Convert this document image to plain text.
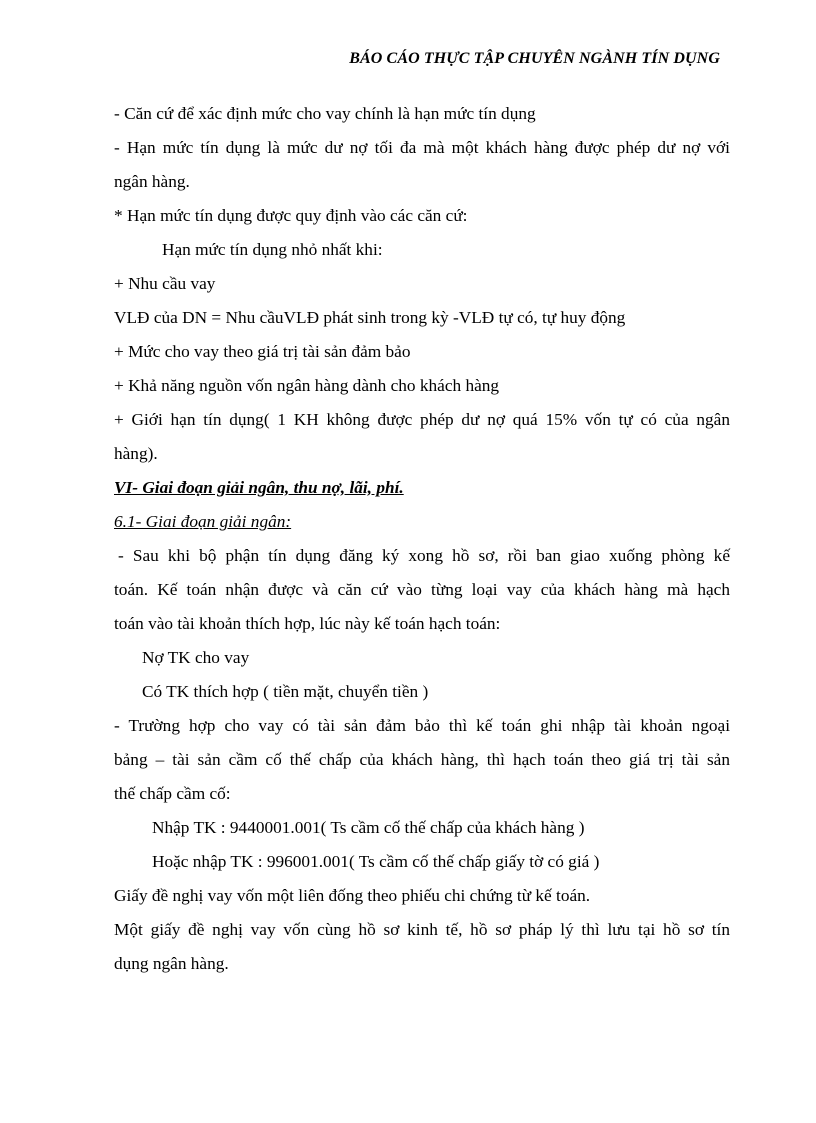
BÁO CÁO THỰC TẬP CHUYÊN NGÀNH TÍN DỤNG
- Căn cứ để xác định mức cho vay chính là hạn mức tín dụng
- Hạn mức tín dụng là mức dư nợ tối đa mà một khách hàng được phép dư nợ với
ngân hàng.
* Hạn mức tín dụng được quy định vào các căn cứ:
Hạn mức tín dụng nhỏ nhất khi:
+ Nhu cầu vay
VLĐ của DN = Nhu cầuVLĐ phát sinh trong kỳ -VLĐ tự có, tự huy động
+ Mức cho vay theo giá trị tài sản đảm bảo
+ Khả năng nguồn vốn ngân hàng dành cho khách hàng
+ Giới hạn tín dụng( 1 KH không được phép dư nợ quá 15% vốn tự có của ngân
hàng).
VI- Giai đoạn giải ngân, thu nợ, lãi, phí.
6.1- Giai đoạn giải ngân:
- Sau khi bộ phận tín dụng đăng ký xong hồ sơ, rồi ban giao xuống phòng kế
toán. Kế toán nhận được và căn cứ vào từng loại vay của khách hàng mà hạch
toán vào tài khoản thích hợp, lúc này kế toán hạch toán:
Nợ TK cho vay
Có TK thích hợp ( tiền mặt, chuyển tiền )
- Trường hợp cho vay có tài sản đảm bảo thì kế toán ghi nhập tài khoản ngoại
bảng – tài sản cầm cố thế chấp của khách hàng, thì hạch toán theo giá trị tài sản
thế chấp cầm cố:
Nhập TK : 9440001.001( Ts cầm cố thế chấp của khách hàng )
Hoặc nhập TK : 996001.001( Ts cầm cố thế chấp giấy tờ có giá )
Giấy đề nghị vay vốn một liên đống theo phiếu chi chứng từ kế toán.
Một giấy đề nghị vay vốn cùng hồ sơ kinh tế, hồ sơ pháp lý thì lưu tại hồ sơ tín
dụng ngân hàng.
